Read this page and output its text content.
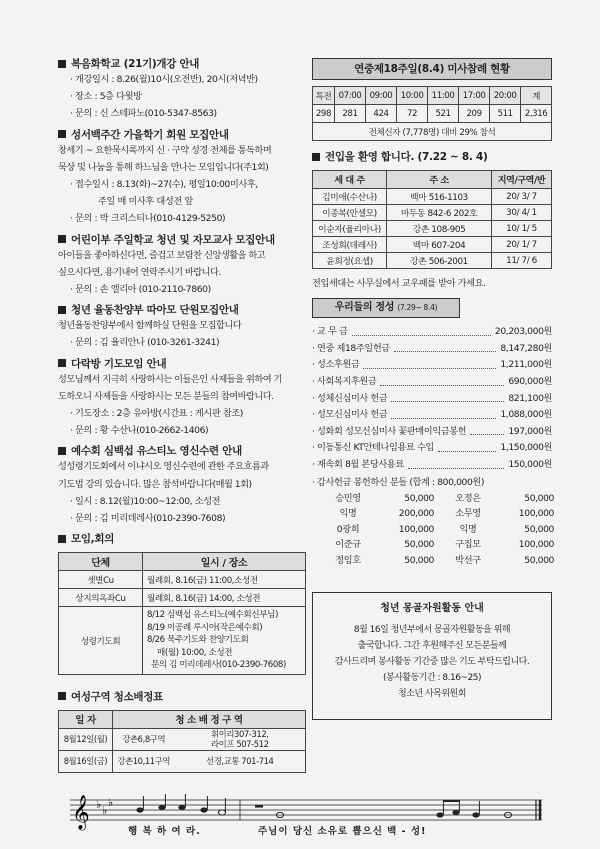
복음화학교 (21기)개강 안내
· 개강일시 : 8.26(월)10시(오전반), 20시(저녁반)
· 장소 : 5층 다윗방
· 문의 : 신 스테파노(010-5347-8563)
성서백주간 가을학기 회원 모집안내
창세기 ~ 요한묵시록까지 신 · 구약 성경 전체를 통독하며
묵상 및 나눔을 통해 하느님을 만나는 모임입니다(주1회)
· 접수일시 : 8.13(화)~27(수), 평일10:00미사후,
주일 매 미사후 대성전 앞
· 문의 : 박 크리스티나(010-4129-5250)
어린이부 주일학교 청년 및 자모교사 모집안내
아이들을 좋아하신다면, 즐겁고 보람찬 신앙생활을 하고
싶으시다면, 용기내어 연락주시기 바랍니다.
· 문의 : 손 엘리아 (010-2110-7860)
청년 율동찬양부 따아모 단원모집안내
청년율동찬양부에서 함께하실 단원을 모집합니다
· 문의 : 김 율리안나 (010-3261-3241)
다락방 기도모임 안내
성모님께서 지극히 사랑하시는 이들은인 사제들을 위하여 기
도하오니 사제들을 사랑하시는 모든 분들의 참여바랍니다.
· 기도장소 : 2층 유아방(시간표 : 게시판 참조)
· 문의 : 황 수산나(010-2662-1406)
예수회 심백섭 유스티노 영신수련 안내
성성령기도회에서 이냐시오 영신수련에 관한 주요흐름과
기도법 강의 있습니다. 많은 참석바랍니다(매월 1회)
· 일시 : 8.12(월)10:00~12:00, 소성전
· 문의 : 김 미리데레사(010-2390-7608)
모임,회의
단체	일시 / 장소
셋별Cu	월례회, 8.16(금) 11:00,소성전
상지의옥좌Cu	월례회, 8.16(금) 14:00, 소성전
성령기도회	8/12 심백섭 유스티노(예수회신부님)
8/19 이공례 루시아(작은예수회)
8/26 묵주기도와 찬양기도회
매(월) 10:00, 소성전
문의 김 미리데레사(010-2390-7608)
여성구역 청소배정표
일 자	청 소 배 정 구 역	
8월12일(월)	강촌6,8구역	휘이리307-312,
라이프 507-512

8월16일(금)	강촌10,11구역	선경,교통 701-714
연중제18주일(8.4) 미사참례 현황
특전	07:00	09:00	10:00	11:00	17:00	20:00	계
298	281	424	72	521	209	511	2,316
전체신자 (7,778명) 대비 29% 참석							
전입을 환영 합니다. (7.22 ~ 8. 4)
세 대 주	주 소	지역/구역/반
김미애(수산나)	백마 516-1103	20/ 3/ 7
이종복(안셀모)	마두동 842-6 202호	30/ 4/ 1
이순자(율리아나)	강촌 108-905	10/ 1/ 5
조성희(데레사)	백마 607-204	20/ 1/ 7
윤희정(요셉)	강촌 506-2001	11/ 7/ 6
전입세대는 사무실에서 교우패를 받아 가세요.
우리들의 정성 (7.29~ 8.4)
· 교 무 금	20,203,000원
· 연중 제18주일헌금	8,147,280원
· 성소후원금	1,211,000원
· 사회복지후원금	690,000원
· 성체신심미사 헌금	821,100원
· 성모신심미사 헌금	1,088,000원
· 성화회 성모신심미사 꽃판매이익금봉헌	197,000원
· 이동통신 KT안테나임용료 수입	1,150,000원
· 재속회 8월 본당사용료	150,000원
· 감사헌금 봉헌하신 분들 (합계 : 800,000원)
승민영	50,000	오정은	50,000
익명	200,000	소무영	100,000
0광희	100,000	익명	50,000
이준규	50,000	구집모	100,000
정임호	50,000	박선구	50,000
청년 몽골자원활동 안내
8월 16일 청년부에서 몽골자원활동을 위해
출국합니다. 그간 후원해주신 모든분들께
감사드리며 봉사활동 기간중 많은 기도 부탁드립니다.
(봉사활동기간 : 8.16~25)
청소년 사목위원회
𝄞 ♭ ♭
♭
행 복 하 여 라.	주님이 당신 소유로 뽑으신 백 - 성!
